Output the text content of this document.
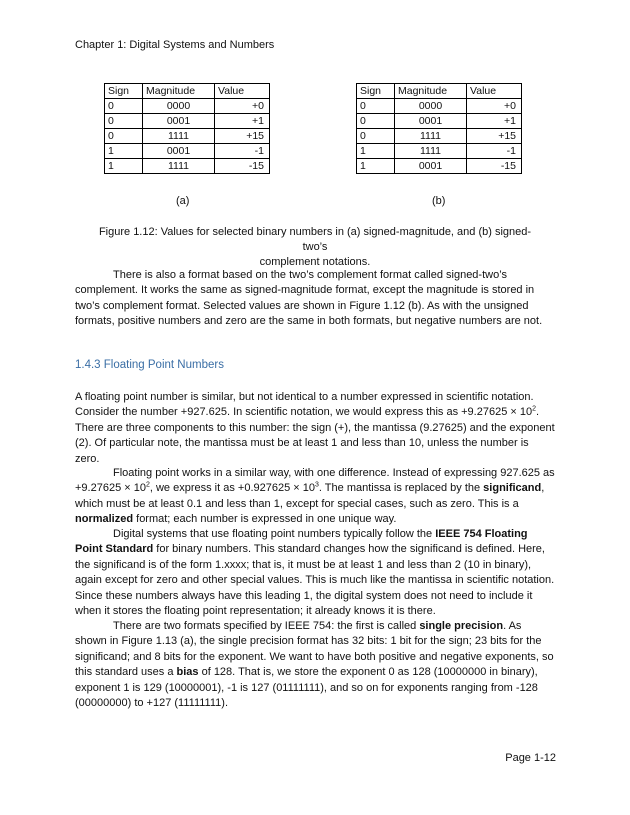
Chapter 1: Digital Systems and Numbers
Sign	Magnitude	Value
0	0000	+0
0	0001	+1
0	1111	+15
1	0001	-1
1	1111	-15
Sign	Magnitude	Value
0	0000	+0
0	0001	+1
0	1111	+15
1	1111	-1
1	0001	-15
(a)	(b)
Figure 1.12: Values for selected binary numbers in (a) signed-magnitude, and (b) signed-two’s
complement notations.

There is also a format based on the two’s complement format called signed-two’s complement. It works the same as signed-magnitude format, except the magnitude is stored in two’s complement format. Selected values are shown in Figure 1.12 (b). As with the unsigned formats, positive numbers and zero are the same in both formats, but negative numbers are not.

1.4.3 Floating Point Numbers

A floating point number is similar, but not identical to a number expressed in scientific notation. Consider the number +927.625. In scientific notation, we would express this as $+9.27625 \times 10^2$. There are three components to this number: the sign (+), the mantissa (9.27625) and the exponent (2). Of particular note, the mantissa must be at least 1 and less than 10, unless the number is zero.

Floating point works in a similar way, with one difference. Instead of expressing 927.625 as $+9.27625 \times 10^2$, we express it as $+0.927625 \times 10^3$. The mantissa is replaced by the significand, which must be at least 0.1 and less than 1, except for special cases, such as zero. This is a normalized format; each number is expressed in one unique way.

Digital systems that use floating point numbers typically follow the IEEE 754 Floating Point Standard for binary numbers. This standard changes how the significand is defined. Here, the significand is of the form 1.xxxx; that is, it must be at least 1 and less than 2 (10 in binary), again except for zero and other special values. This is much like the mantissa in scientific notation. Since these numbers always have this leading 1, the digital system does not need to include it when it stores the floating point representation; it already knows it is there.

There are two formats specified by IEEE 754: the first is called single precision. As shown in Figure 1.13 (a), the single precision format has 32 bits: 1 bit for the sign; 23 bits for the significand; and 8 bits for the exponent. We want to have both positive and negative exponents, so this standard uses a bias of 128. That is, we store the exponent 0 as 128 (10000000 in binary), exponent 1 is 129 (10000001), -1 is 127 (01111111), and so on for exponents ranging from -128 (00000000) to +127 (11111111).

Page 1-12
